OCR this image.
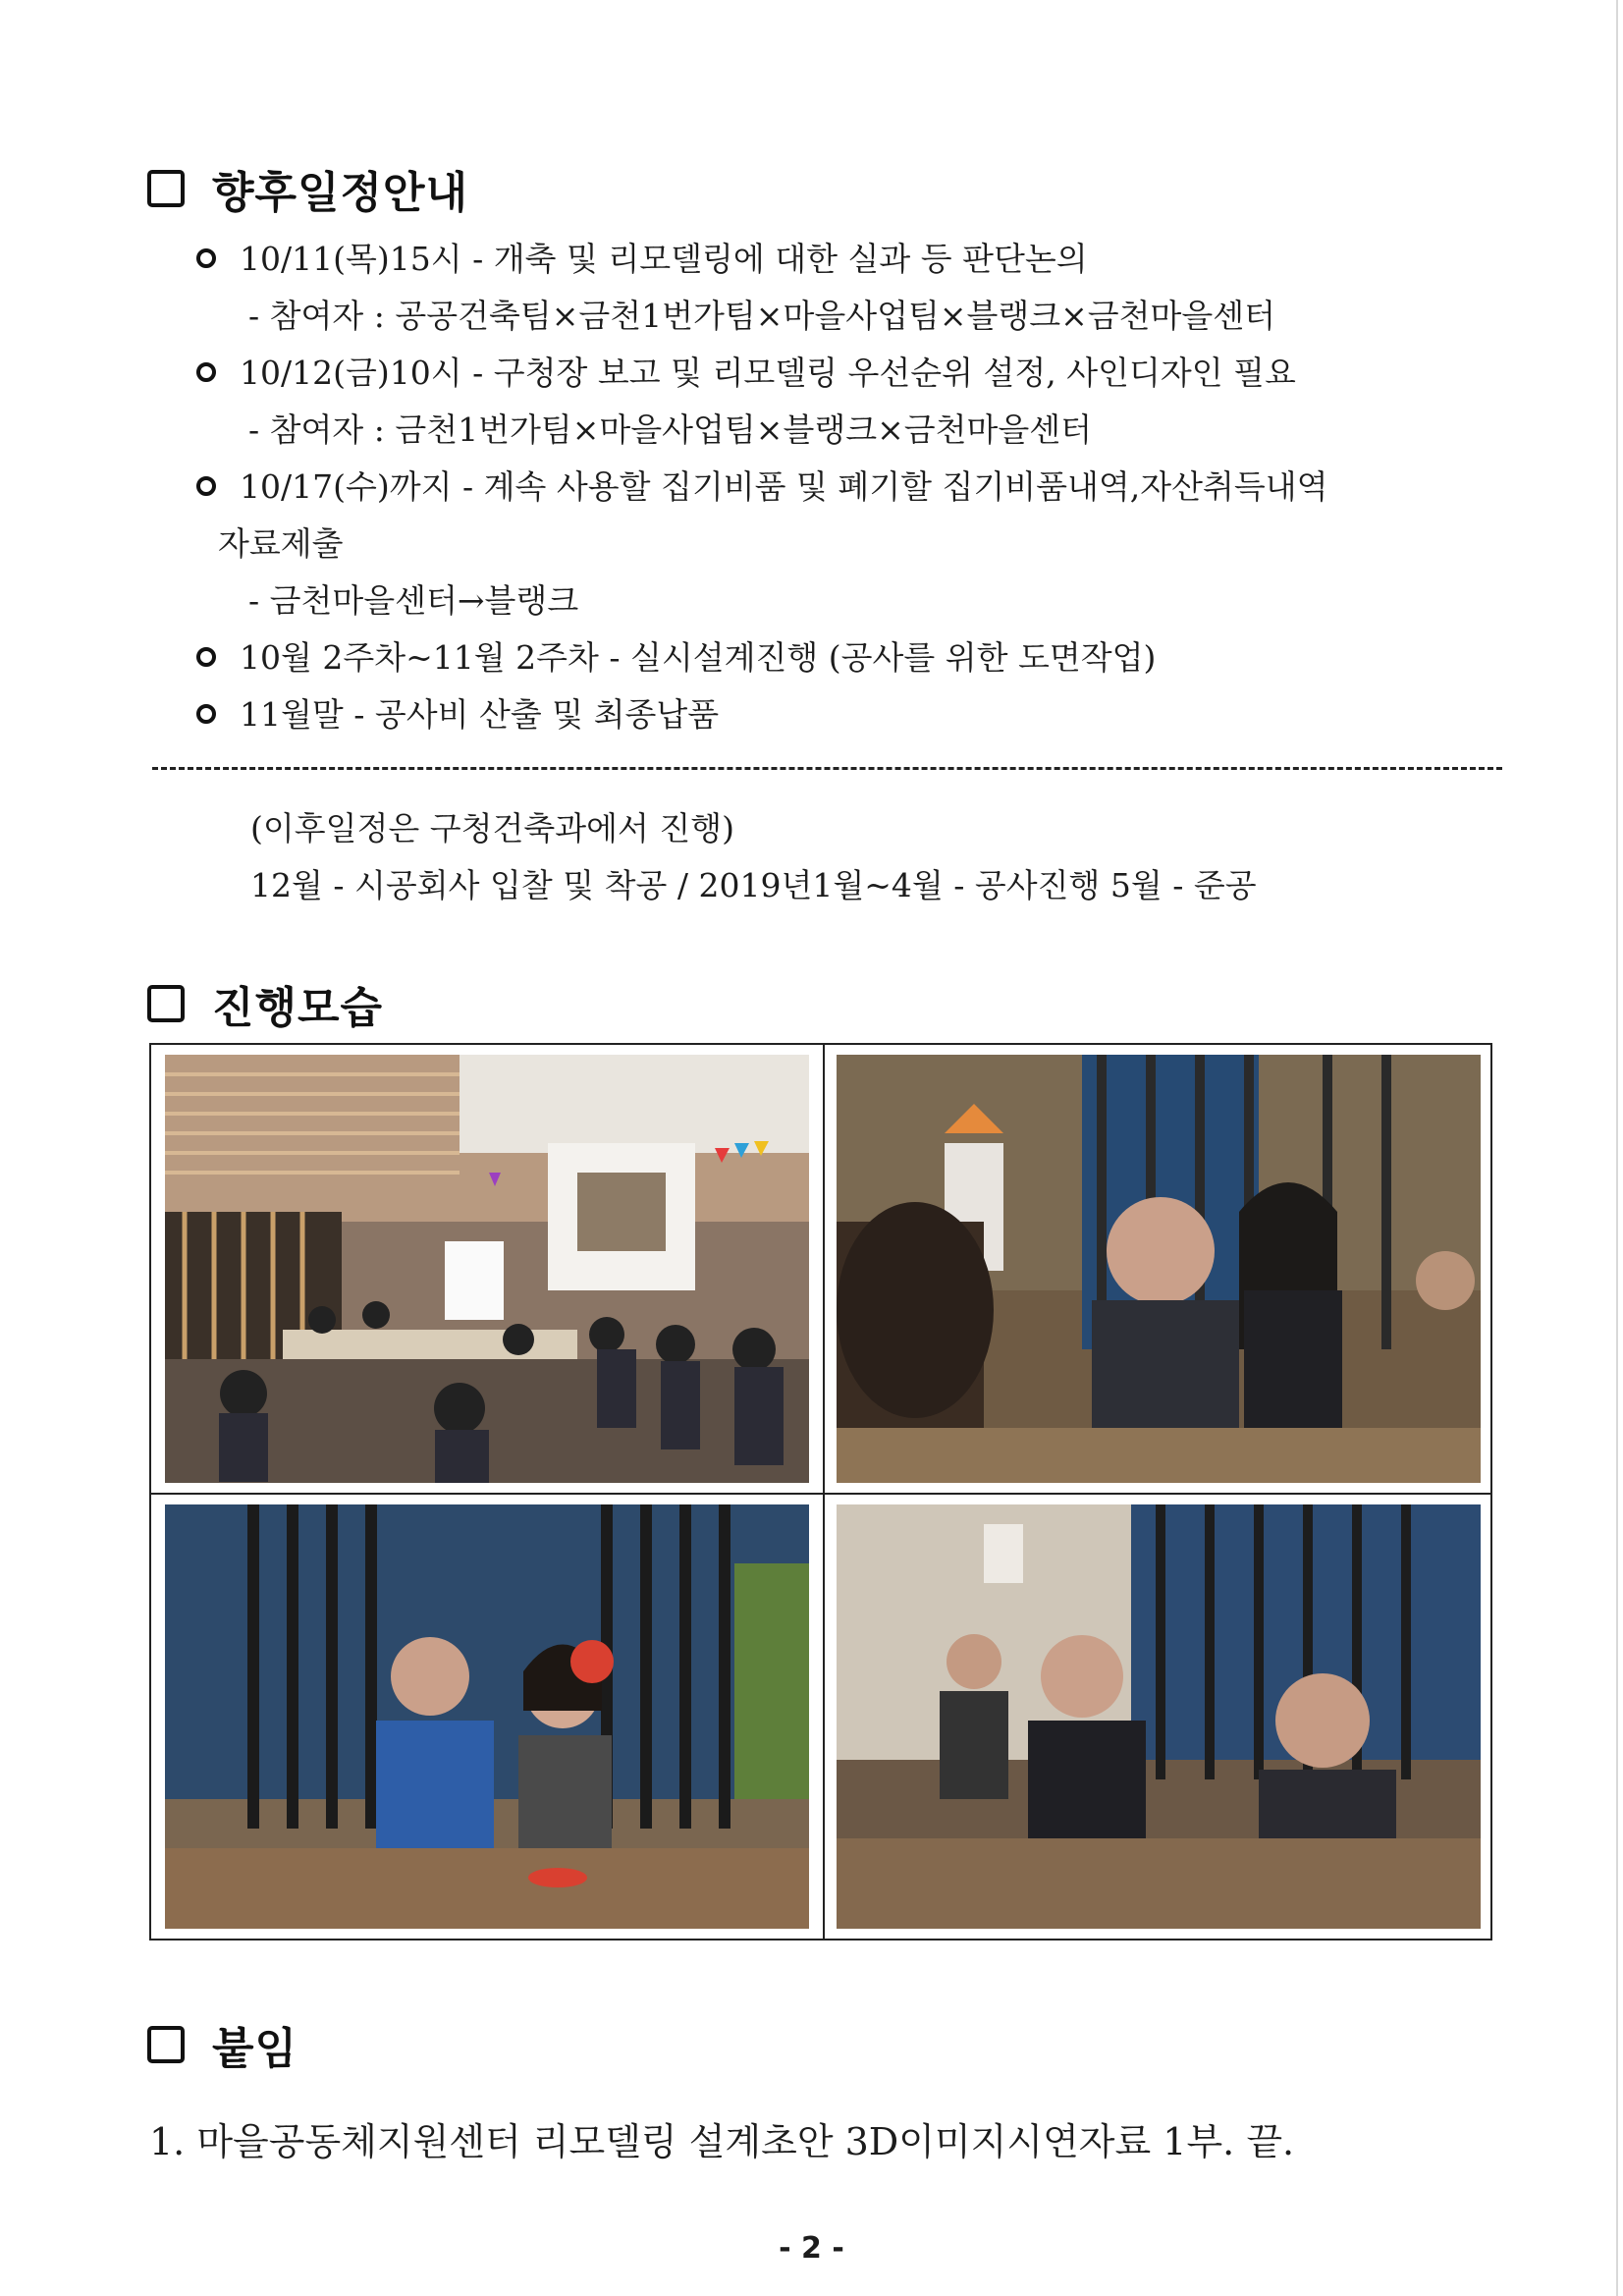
향후일정안내
10/11(목)15시 - 개축 및 리모델링에 대한 실과 등 판단논의
- 참여자 : 공공건축팀×금천1번가팀×마을사업팀×블랭크×금천마을센터
10/12(금)10시 - 구청장 보고 및 리모델링 우선순위 설정, 사인디자인 필요
- 참여자 : 금천1번가팀×마을사업팀×블랭크×금천마을센터
10/17(수)까지 - 계속 사용할 집기비품 및 폐기할 집기비품내역,자산취득내역
자료제출
- 금천마을센터→블랭크
10월 2주차~11월 2주차 - 실시설계진행 (공사를 위한 도면작업)
11월말 - 공사비 산출 및 최종납품
(이후일정은 구청건축과에서 진행)
12월 - 시공회사 입찰 및 착공 / 2019년1월~4월 - 공사진행 5월 - 준공
진행모습
붙임
1. 마을공동체지원센터 리모델링 설계초안 3D이미지시연자료 1부. 끝.
- 2 -
